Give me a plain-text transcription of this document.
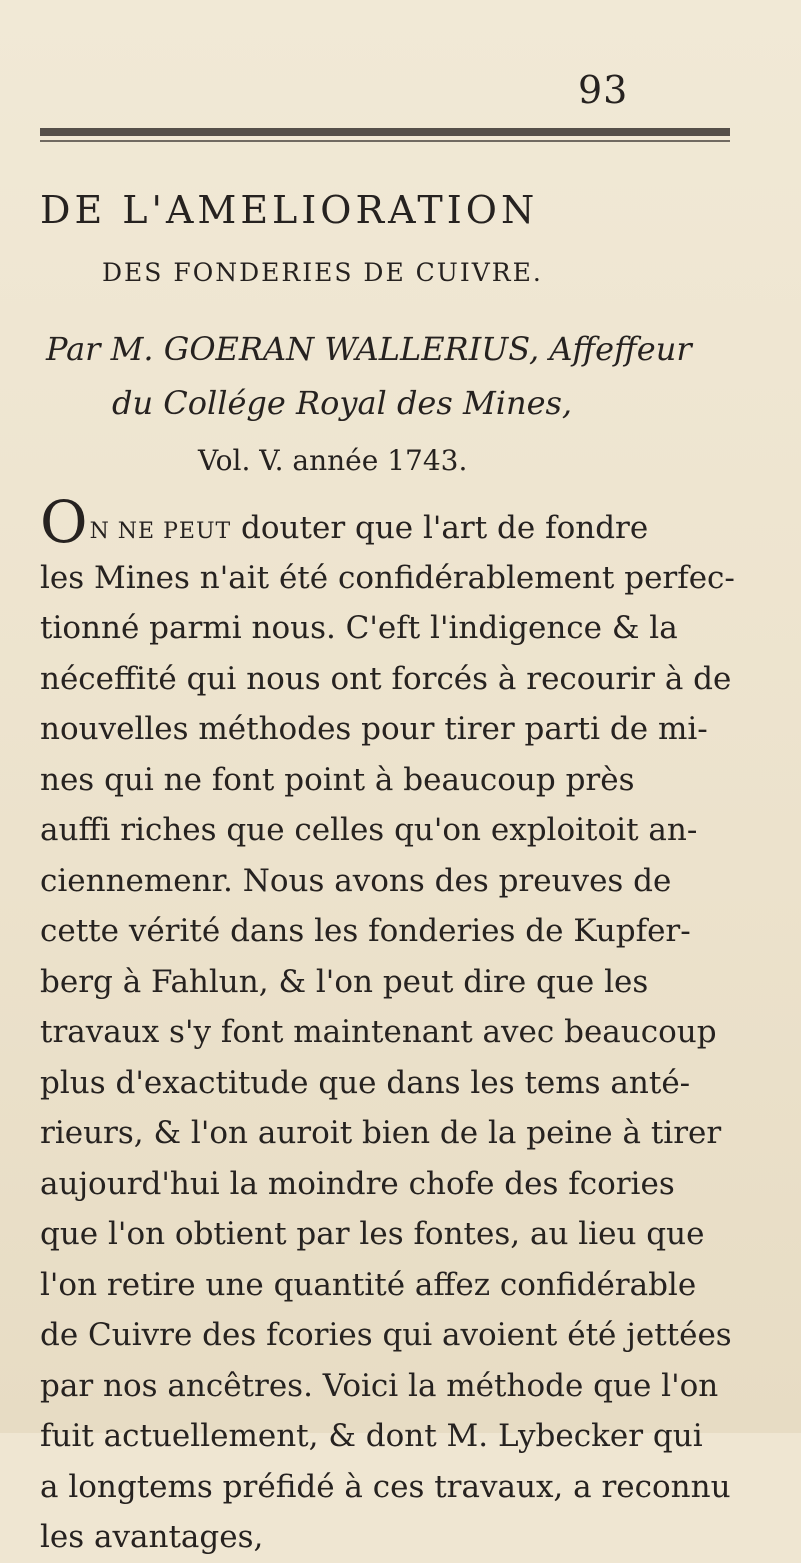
93
DE L'AMELIORATION
DES FONDERIES DE CUIVRE.
Par M. GOERAN WALLERIUS, Affeffeur
du Collége Royal des Mines,
Vol. V. année 1743.
ON NE PEUT douter que l'art de fondre
les Mines n'ait été confidérablement perfec-
tionné parmi nous. C'eft l'indigence & la
néceffité qui nous ont forcés à recourir à de
nouvelles méthodes pour tirer parti de mi-
nes qui ne font point à beaucoup près
auffi riches que celles qu'on exploitoit an-
ciennemenr. Nous avons des preuves de
cette vérité dans les fonderies de Kupfer-
berg à Fahlun, & l'on peut dire que les
travaux s'y font maintenant avec beaucoup
plus d'exactitude que dans les tems anté-
rieurs, & l'on auroit bien de la peine à tirer
aujourd'hui la moindre chofe des fcories
que l'on obtient par les fontes, au lieu que
l'on retire une quantité affez confidérable
de Cuivre des fcories qui avoient été jettées
par nos ancêtres. Voici la méthode que l'on
fuit actuellement, & dont M. Lybecker qui
a longtems préfidé à ces travaux, a reconnu
les avantages,
